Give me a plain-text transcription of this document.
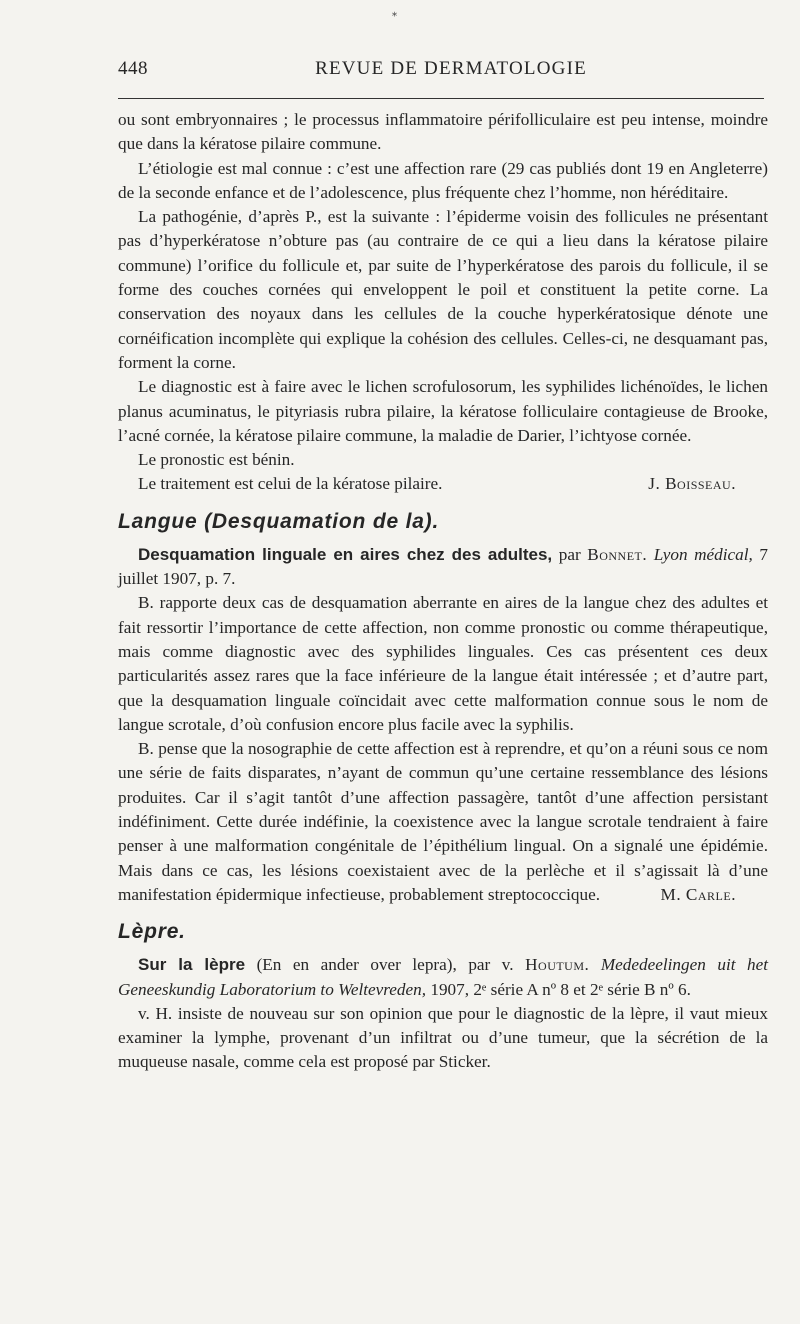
⁎
448	REVUE DE DERMATOLOGIE

ou sont embryonnaires ; le processus inflammatoire périfolliculaire est peu intense, moindre que dans la kératose pilaire commune.

L’étiologie est mal connue : c’est une affection rare (29 cas publiés dont 19 en Angleterre) de la seconde enfance et de l’adolescence, plus fréquente chez l’homme, non héréditaire.

La pathogénie, d’après P., est la suivante : l’épiderme voisin des follicules ne présentant pas d’hyperkératose n’obture pas (au contraire de ce qui a lieu dans la kératose pilaire commune) l’orifice du follicule et, par suite de l’hyperkératose des parois du follicule, il se forme des couches cornées qui enveloppent le poil et constituent la petite corne. La conservation des noyaux dans les cellules de la couche hyperkératosique dénote une cornéification incomplète qui explique la cohésion des cellules. Celles-ci, ne desquamant pas, forment la corne.

Le diagnostic est à faire avec le lichen scrofulosorum, les syphilides lichénoïdes, le lichen planus acuminatus, le pityriasis rubra pilaire, la kératose folliculaire contagieuse de Brooke, l’acné cornée, la kératose pilaire commune, la maladie de Darier, l’ichtyose cornée.

Le pronostic est bénin.

Le traitement est celui de la kératose pilaire.	J. Boisseau.

Langue (Desquamation de la).

Desquamation linguale en aires chez des adultes, par Bonnet. Lyon médical, 7 juillet 1907, p. 7.

B. rapporte deux cas de desquamation aberrante en aires de la langue chez des adultes et fait ressortir l’importance de cette affection, non comme pronostic ou comme thérapeutique, mais comme diagnostic avec des syphilides linguales. Ces cas présentent ces deux particularités assez rares que la face inférieure de la langue était intéressée ; et d’autre part, que la desquamation linguale coïncidait avec cette malformation connue sous le nom de langue scrotale, d’où confusion encore plus facile avec la syphilis.

B. pense que la nosographie de cette affection est à reprendre, et qu’on a réuni sous ce nom une série de faits disparates, n’ayant de commun qu’une certaine ressemblance des lésions produites. Car il s’agit tantôt d’une affection passagère, tantôt d’une affection persistant indéfiniment. Cette durée indéfinie, la coexistence avec la langue scrotale tendraient à faire penser à une malformation congénitale de l’épithélium lingual. On a signalé une épidémie. Mais dans ce cas, les lésions coexistaient avec de la perlèche et il s’agissait là d’une manifestation épidermique infectieuse, probablement streptococcique.	M. Carle.

Lèpre.

Sur la lèpre (En en ander over lepra), par v. Houtum. Mededeelingen uit het Geneeskundig Laboratorium to Weltevreden, 1907, 2ᵉ série A nº 8 et 2ᵉ série B nº 6.

v. H. insiste de nouveau sur son opinion que pour le diagnostic de la lèpre, il vaut mieux examiner la lymphe, provenant d’un infiltrat ou d’une tumeur, que la sécrétion de la muqueuse nasale, comme cela est proposé par Sticker.
